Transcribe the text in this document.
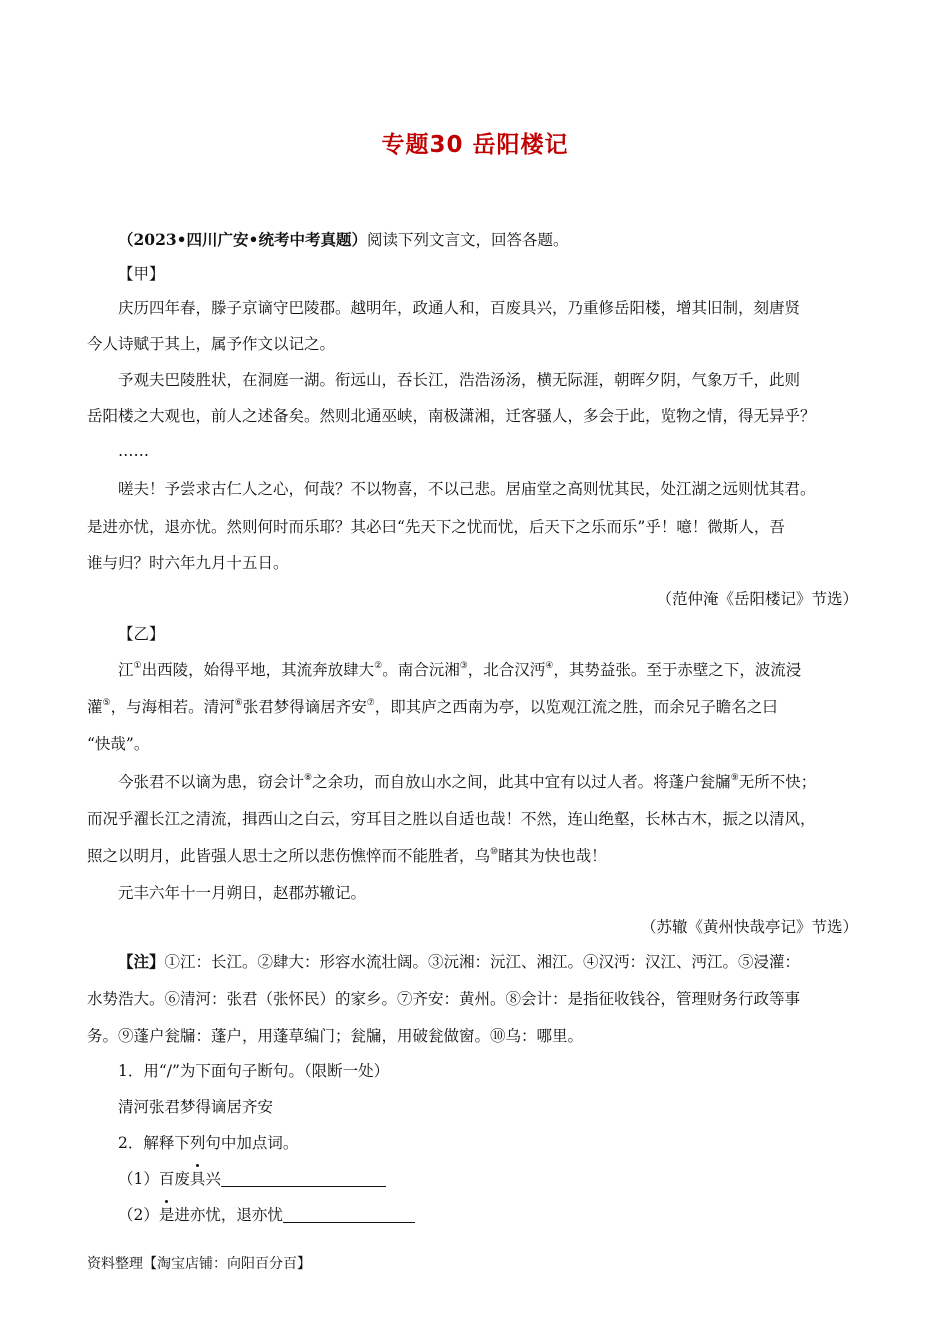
专题30 岳阳楼记
（2023•四川广安•统考中考真题）阅读下列文言文，回答各题。
【甲】
庆历四年春，滕子京谪守巴陵郡。越明年，政通人和，百废具兴，乃重修岳阳楼，增其旧制，刻唐贤
今人诗赋于其上，属予作文以记之。
予观夫巴陵胜状，在洞庭一湖。衔远山，吞长江，浩浩汤汤，横无际涯，朝晖夕阴，气象万千，此则
岳阳楼之大观也，前人之述备矣。然则北通巫峡，南极潇湘，迁客骚人，多会于此，览物之情，得无异乎？
……
嗟夫！予尝求古仁人之心，何哉？不以物喜，不以己悲。居庙堂之高则忧其民，处江湖之远则忧其君。
是进亦忧，退亦忧。然则何时而乐耶？其必曰“先天下之忧而忧，后天下之乐而乐”乎！噫！微斯人，吾
谁与归？时六年九月十五日。
（范仲淹《岳阳楼记》节选）
【乙】
江①出西陵，始得平地，其流奔放肆大②。南合沅湘③，北合汉沔④，其势益张。至于赤壁之下，波流浸
灌⑤，与海相若。清河⑥张君梦得谪居齐安⑦，即其庐之西南为亭，以览观江流之胜，而余兄子瞻名之曰
“快哉”。
今张君不以谪为患，窃会计⑧之余功，而自放山水之间，此其中宜有以过人者。将蓬户瓮牖⑨无所不快；
而况乎濯长江之清流，揖西山之白云，穷耳目之胜以自适也哉！不然，连山绝壑，长林古木，振之以清风，
照之以明月，此皆强人思士之所以悲伤憔悴而不能胜者，乌⑩睹其为快也哉！
元丰六年十一月朔日，赵郡苏辙记。
（苏辙《黄州快哉亭记》节选）
【注】①江：长江。②肆大：形容水流壮阔。③沅湘：沅江、湘江。④汉沔：汉江、沔江。⑤浸灌：
水势浩大。⑥清河：张君（张怀民）的家乡。⑦齐安：黄州。⑧会计：是指征收钱谷，管理财务行政等事
务。⑨蓬户瓮牖：蓬户，用蓬草编门；瓮牖，用破瓮做窗。⑩乌：哪里。
1．用“/”为下面句子断句。（限断一处）
清河张君梦得谪居齐安
2．解释下列句中加点词。
（1）百废具兴
（2）是进亦忧，退亦忧
资料整理【淘宝店铺：向阳百分百】
